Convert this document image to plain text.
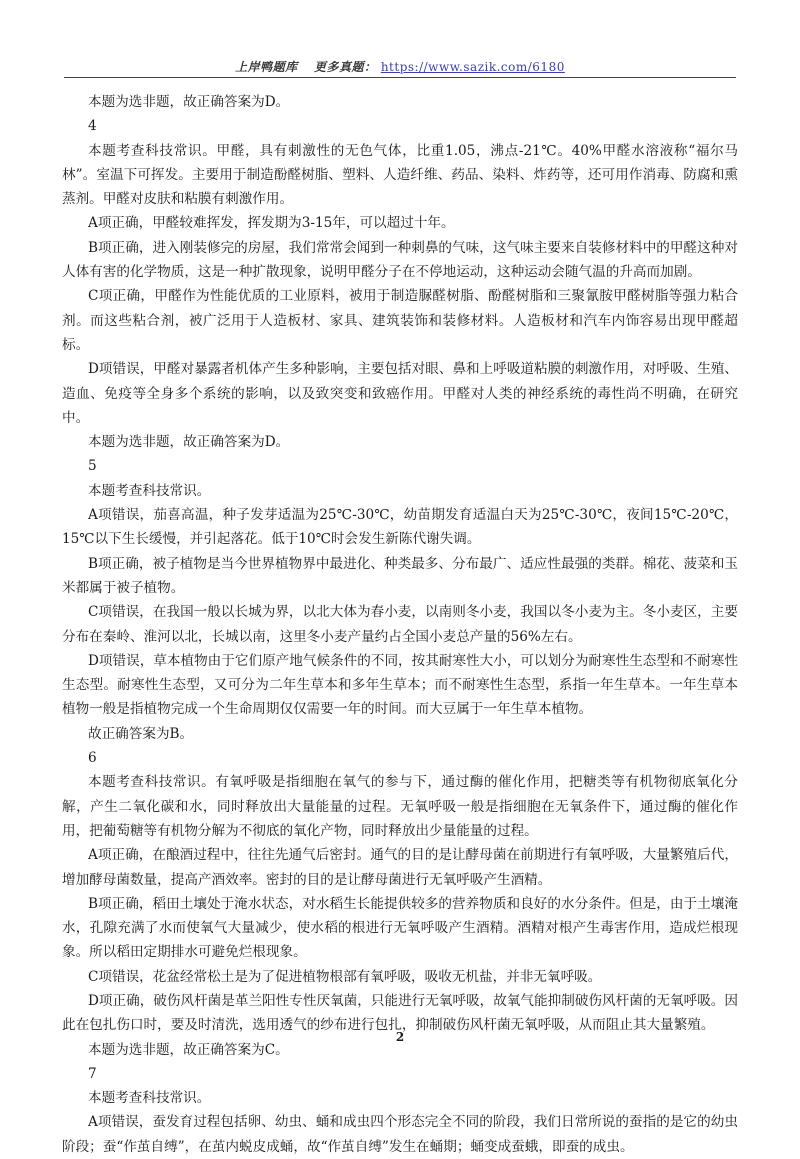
上岸鸭题库 更多真题： https://www.sazik.com/6180

本题为选非题，故正确答案为D。

4

本题考查科技常识。甲醛，具有刺激性的无色气体，比重1.05，沸点-21℃。40%甲醛水溶液称“福尔马林”。室温下可挥发。主要用于制造酚醛树脂、塑料、人造纤维、药品、染料、炸药等，还可用作消毒、防腐和熏蒸剂。甲醛对皮肤和粘膜有刺激作用。

A项正确，甲醛较难挥发，挥发期为3-15年，可以超过十年。

B项正确，进入刚装修完的房屋，我们常常会闻到一种刺鼻的气味，这气味主要来自装修材料中的甲醛这种对人体有害的化学物质，这是一种扩散现象，说明甲醛分子在不停地运动，这种运动会随气温的升高而加剧。

C项正确，甲醛作为性能优质的工业原料，被用于制造脲醛树脂、酚醛树脂和三聚氰胺甲醛树脂等强力粘合剂。而这些粘合剂，被广泛用于人造板材、家具、建筑装饰和装修材料。人造板材和汽车内饰容易出现甲醛超标。

D项错误，甲醛对暴露者机体产生多种影响，主要包括对眼、鼻和上呼吸道粘膜的刺激作用，对呼吸、生殖、造血、免疫等全身多个系统的影响，以及致突变和致癌作用。甲醛对人类的神经系统的毒性尚不明确，在研究中。

本题为选非题，故正确答案为D。

5

本题考查科技常识。

A项错误，茄喜高温，种子发芽适温为25℃-30℃，幼苗期发育适温白天为25℃-30℃，夜间15℃-20℃，15℃以下生长缓慢，并引起落花。低于10℃时会发生新陈代谢失调。

B项正确，被子植物是当今世界植物界中最进化、种类最多、分布最广、适应性最强的类群。棉花、菠菜和玉米都属于被子植物。

C项错误，在我国一般以长城为界，以北大体为春小麦，以南则冬小麦，我国以冬小麦为主。冬小麦区，主要分布在秦岭、淮河以北，长城以南，这里冬小麦产量约占全国小麦总产量的56%左右。

D项错误，草本植物由于它们原产地气候条件的不同，按其耐寒性大小，可以划分为耐寒性生态型和不耐寒性生态型。耐寒性生态型，又可分为二年生草本和多年生草本；而不耐寒性生态型，系指一年生草本。一年生草本植物一般是指植物完成一个生命周期仅仅需要一年的时间。而大豆属于一年生草本植物。

故正确答案为B。

6

本题考查科技常识。有氧呼吸是指细胞在氧气的参与下，通过酶的催化作用，把糖类等有机物彻底氧化分解，产生二氧化碳和水，同时释放出大量能量的过程。无氧呼吸一般是指细胞在无氧条件下，通过酶的催化作用，把葡萄糖等有机物分解为不彻底的氧化产物，同时释放出少量能量的过程。

A项正确，在酿酒过程中，往往先通气后密封。通气的目的是让酵母菌在前期进行有氧呼吸，大量繁殖后代，增加酵母菌数量，提高产酒效率。密封的目的是让酵母菌进行无氧呼吸产生酒精。

B项正确，稻田土壤处于淹水状态，对水稻生长能提供较多的营养物质和良好的水分条件。但是，由于土壤淹水，孔隙充满了水而使氧气大量减少，使水稻的根进行无氧呼吸产生酒精。酒精对根产生毒害作用，造成烂根现象。所以稻田定期排水可避免烂根现象。

C项错误，花盆经常松土是为了促进植物根部有氧呼吸，吸收无机盐，并非无氧呼吸。

D项正确，破伤风杆菌是革兰阳性专性厌氧菌，只能进行无氧呼吸，故氧气能抑制破伤风杆菌的无氧呼吸。因此在包扎伤口时，要及时清洗，选用透气的纱布进行包扎，抑制破伤风杆菌无氧呼吸，从而阻止其大量繁殖。

本题为选非题，故正确答案为C。

7

本题考查科技常识。

A项错误，蚕发育过程包括卵、幼虫、蛹和成虫四个形态完全不同的阶段，我们日常所说的蚕指的是它的幼虫阶段；蚕“作茧自缚”，在茧内蜕皮成蛹，故“作茧自缚”发生在蛹期；蛹变成蚕蛾，即蚕的成虫。

2
